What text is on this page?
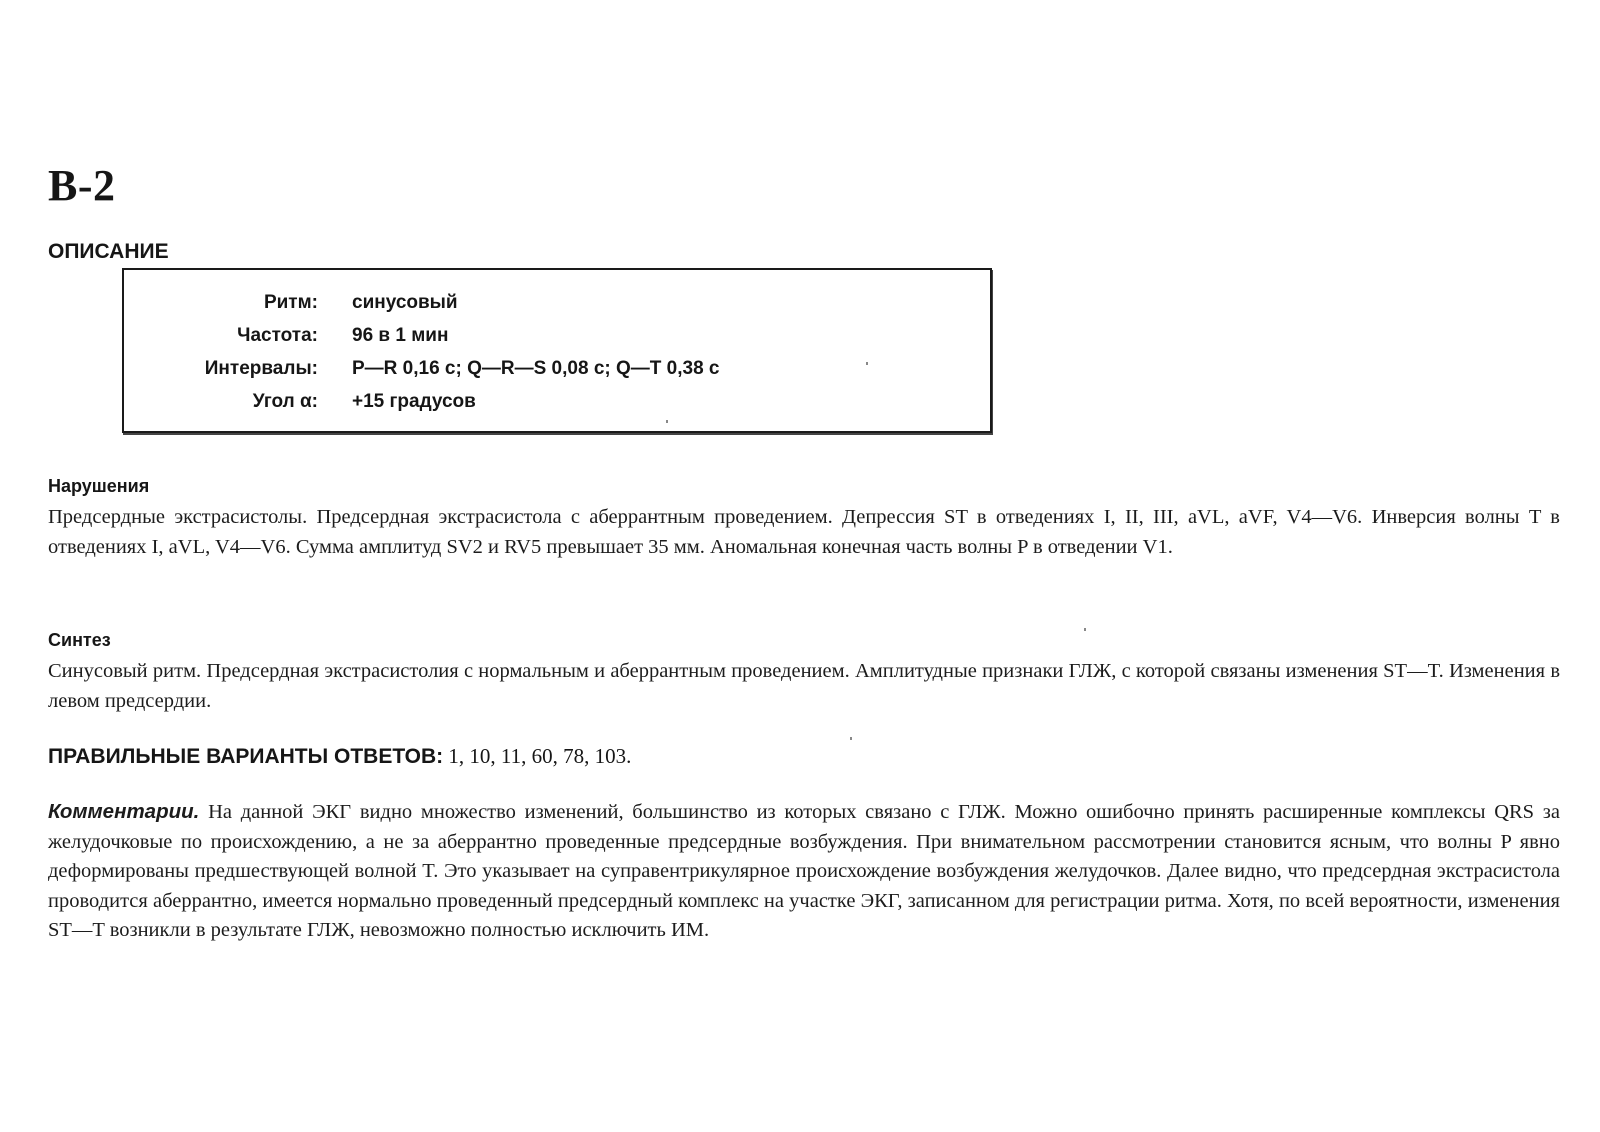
В-2
ОПИСАНИЕ
Ритм: синусовый
Частота: 96 в 1 мин
Интервалы: P—R 0,16 с; Q—R—S 0,08 с; Q—T 0,38 с
Угол α: +15 градусов
Нарушения
Предсердные экстрасистолы. Предсердная экстрасистола с аберрантным проведением. Депрессия ST в отведениях I, II, III, aVL, aVF, V4—V6. Инверсия волны T в отведениях I, aVL, V4—V6. Сумма амплитуд SV2 и RV5 превышает 35 мм. Аномальная конечная часть волны P в отведении V1.
Синтез
Синусовый ритм. Предсердная экстрасистолия с нормальным и аберрантным проведением. Амплитудные признаки ГЛЖ, с которой связаны изменения ST—T. Изменения в левом предсердии.
ПРАВИЛЬНЫЕ ВАРИАНТЫ ОТВЕТОВ: 1, 10, 11, 60, 78, 103.
Комментарии. На данной ЭКГ видно множество изменений, большинство из которых связано с ГЛЖ. Можно ошибочно принять расширенные комплексы QRS за желудочковые по происхождению, а не за аберрантно проведенные предсердные возбуждения. При внимательном рассмотрении становится ясным, что волны P явно деформированы предшествующей волной T. Это указывает на суправентрикулярное происхождение возбуждения желудочков. Далее видно, что предсердная экстрасистола проводится аберрантно, имеется нормально проведенный предсердный комплекс на участке ЭКГ, записанном для регистрации ритма. Хотя, по всей вероятности, изменения ST—T возникли в результате ГЛЖ, невозможно полностью исключить ИМ.
